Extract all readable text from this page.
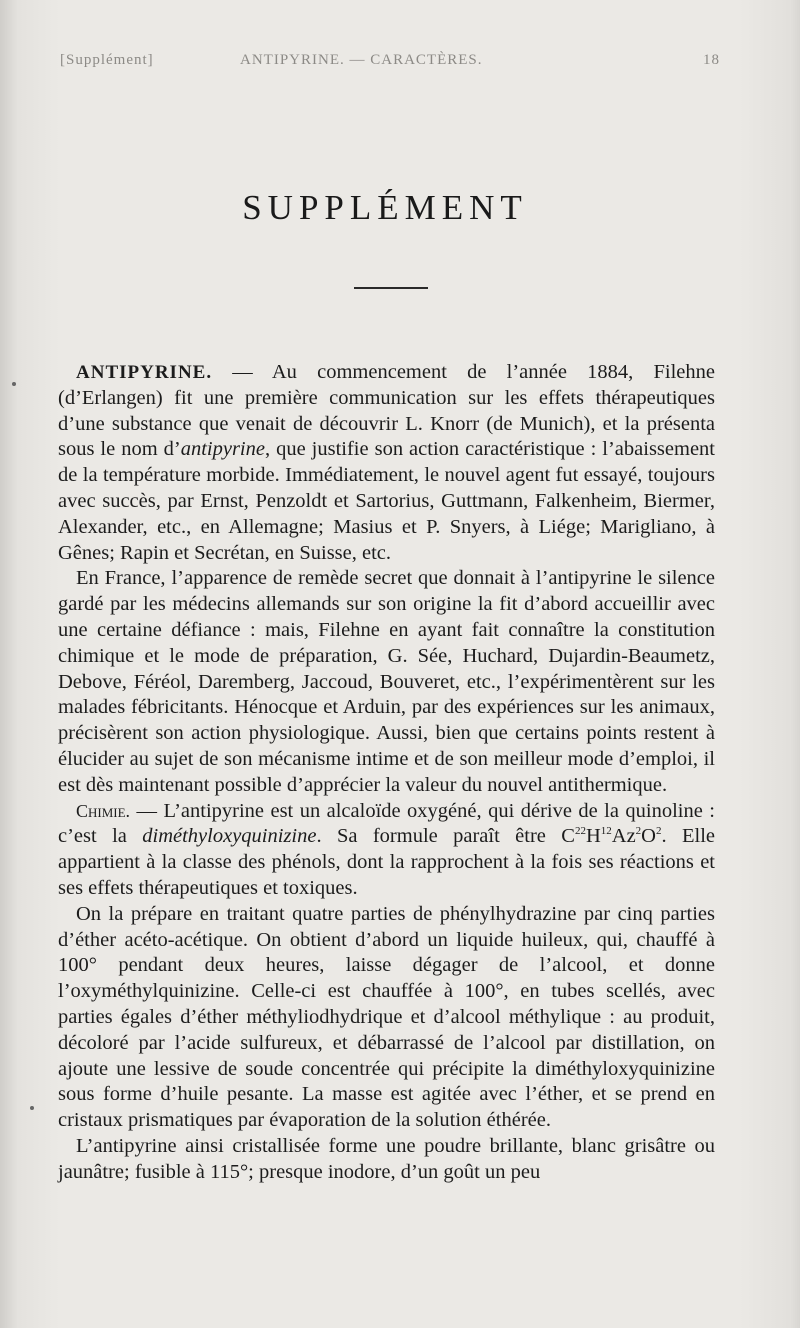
[Supplément]	ANTIPYRINE. — CARACTÈRES.	18
SUPPLÉMENT

ANTIPYRINE. — Au commencement de l’année 1884, Filehne (d’Erlangen) fit une première communication sur les effets thérapeutiques d’une substance que venait de découvrir L. Knorr (de Munich), et la présenta sous le nom d’antipyrine, que justifie son action caractéristique : l’abaissement de la température morbide. Immédiatement, le nouvel agent fut essayé, toujours avec succès, par Ernst, Penzoldt et Sartorius, Guttmann, Falkenheim, Biermer, Alexander, etc., en Allemagne; Masius et P. Snyers, à Liége; Marigliano, à Gênes; Rapin et Secrétan, en Suisse, etc.

En France, l’apparence de remède secret que donnait à l’antipyrine le silence gardé par les médecins allemands sur son origine la fit d’abord accueillir avec une certaine défiance : mais, Filehne en ayant fait connaître la constitution chimique et le mode de préparation, G. Sée, Huchard, Dujardin-Beaumetz, Debove, Féréol, Daremberg, Jaccoud, Bouveret, etc., l’expérimentèrent sur les malades fébricitants. Hénocque et Arduin, par des expériences sur les animaux, précisèrent son action physiologique. Aussi, bien que certains points restent à élucider au sujet de son mécanisme intime et de son meilleur mode d’emploi, il est dès maintenant possible d’apprécier la valeur du nouvel antithermique.

Chimie. — L’antipyrine est un alcaloïde oxygéné, qui dérive de la quinoline : c’est la diméthyloxyquinizine. Sa formule paraît être $C^{22}H^{12}Az^2O^2$. Elle appartient à la classe des phénols, dont la rapprochent à la fois ses réactions et ses effets thérapeutiques et toxiques.

On la prépare en traitant quatre parties de phénylhydrazine par cinq parties d’éther acéto-acétique. On obtient d’abord un liquide huileux, qui, chauffé à 100° pendant deux heures, laisse dégager de l’alcool, et donne l’oxyméthylquinizine. Celle-ci est chauffée à 100°, en tubes scellés, avec parties égales d’éther méthyliodhydrique et d’alcool méthylique : au produit, décoloré par l’acide sulfureux, et débarrassé de l’alcool par distillation, on ajoute une lessive de soude concentrée qui précipite la diméthyloxyquinizine sous forme d’huile pesante. La masse est agitée avec l’éther, et se prend en cristaux prismatiques par évaporation de la solution éthérée.

L’antipyrine ainsi cristallisée forme une poudre brillante, blanc grisâtre ou jaunâtre; fusible à 115°; presque inodore, d’un goût un peu
